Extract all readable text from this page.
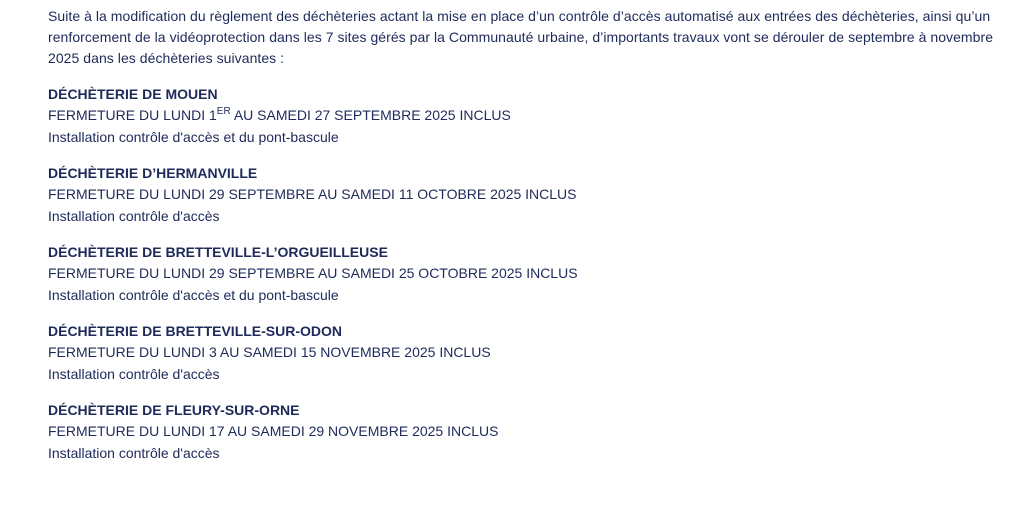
Suite à la modification du règlement des déchèteries actant la mise en place d’un contrôle d’accès automatisé aux entrées des déchèteries, ainsi qu’un renforcement de la vidéoprotection dans les 7 sites gérés par la Communauté urbaine, d’importants travaux vont se dérouler de septembre à novembre 2025 dans les déchèteries suivantes :

DÉCHÈTERIE DE MOUEN

FERMETURE DU LUNDI 1ER AU SAMEDI 27 SEPTEMBRE 2025 INCLUS

Installation contrôle d'accès et du pont-bascule

DÉCHÈTERIE D’HERMANVILLE

FERMETURE DU LUNDI 29 SEPTEMBRE AU SAMEDI 11 OCTOBRE 2025 INCLUS

Installation contrôle d'accès

DÉCHÈTERIE DE BRETTEVILLE-L’ORGUEILLEUSE

FERMETURE DU LUNDI 29 SEPTEMBRE AU SAMEDI 25 OCTOBRE 2025 INCLUS

Installation contrôle d'accès et du pont-bascule

DÉCHÈTERIE DE BRETTEVILLE-SUR-ODON

FERMETURE DU LUNDI 3 AU SAMEDI 15 NOVEMBRE 2025 INCLUS

Installation contrôle d'accès

DÉCHÈTERIE DE FLEURY-SUR-ORNE

FERMETURE DU LUNDI 17 AU SAMEDI 29 NOVEMBRE 2025 INCLUS

Installation contrôle d'accès
